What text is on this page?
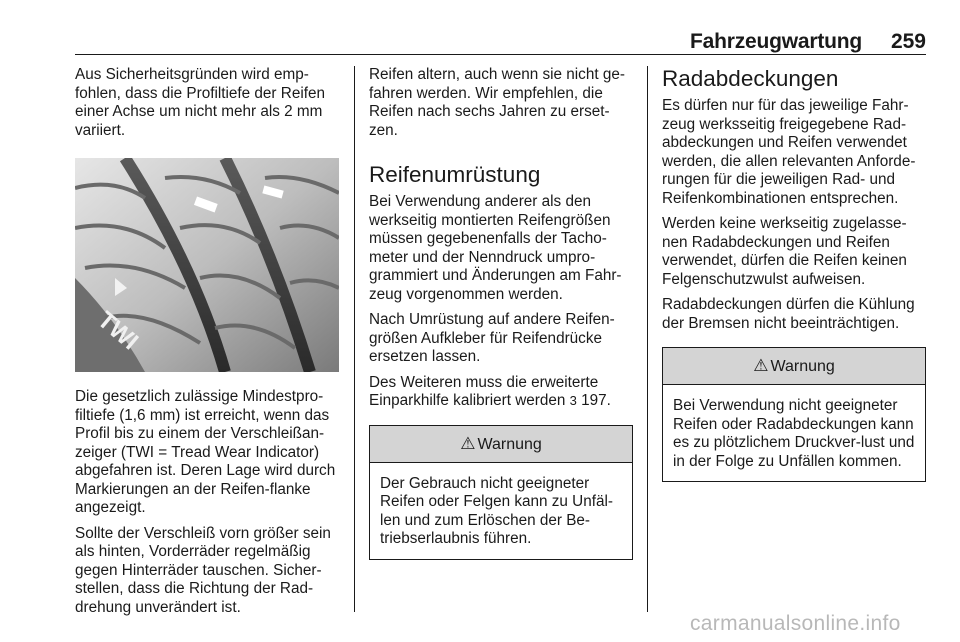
Fahrzeugwartung	259

Aus Sicherheitsgründen wird emp-fohlen, dass die Profiltiefe der Reifen einer Achse um nicht mehr als 2 mm variiert.

TWI

Die gesetzlich zulässige Mindestpro-filtiefe (1,6 mm) ist erreicht, wenn das Profil bis zu einem der Verschleißan-zeiger (TWI = Tread Wear Indicator) abgefahren ist. Deren Lage wird durch Markierungen an der Reifen-flanke angezeigt.

Sollte der Verschleiß vorn größer sein als hinten, Vorderräder regelmäßig gegen Hinterräder tauschen. Sicher-stellen, dass die Richtung der Rad-drehung unverändert ist.

Reifen altern, auch wenn sie nicht ge-fahren werden. Wir empfehlen, die Reifen nach sechs Jahren zu erset-zen.

Reifenumrüstung

Bei Verwendung anderer als den werkseitig montierten Reifengrößen müssen gegebenenfalls der Tacho-meter und der Nenndruck umpro-grammiert und Änderungen am Fahr-zeug vorgenommen werden.

Nach Umrüstung auf andere Reifen-größen Aufkleber für Reifendrücke ersetzen lassen.

Des Weiteren muss die erweiterte Einparkhilfe kalibriert werden 3 197.

⚠ Warnung
Der Gebrauch nicht geeigneter Reifen oder Felgen kann zu Unfäl-len und zum Erlöschen der Be-triebserlaubnis führen.
Radabdeckungen

Es dürfen nur für das jeweilige Fahr-zeug werksseitig freigegebene Rad-abdeckungen und Reifen verwendet werden, die allen relevanten Anforde-rungen für die jeweiligen Rad- und Reifenkombinationen entsprechen.

Werden keine werkseitig zugelasse-nen Radabdeckungen und Reifen verwendet, dürfen die Reifen keinen Felgenschutzwulst aufweisen.

Radabdeckungen dürfen die Kühlung der Bremsen nicht beeinträchtigen.

⚠ Warnung
Bei Verwendung nicht geeigneter Reifen oder Radabdeckungen kann es zu plötzlichem Druckver-lust und in der Folge zu Unfällen kommen.
carmanualsonline.info
